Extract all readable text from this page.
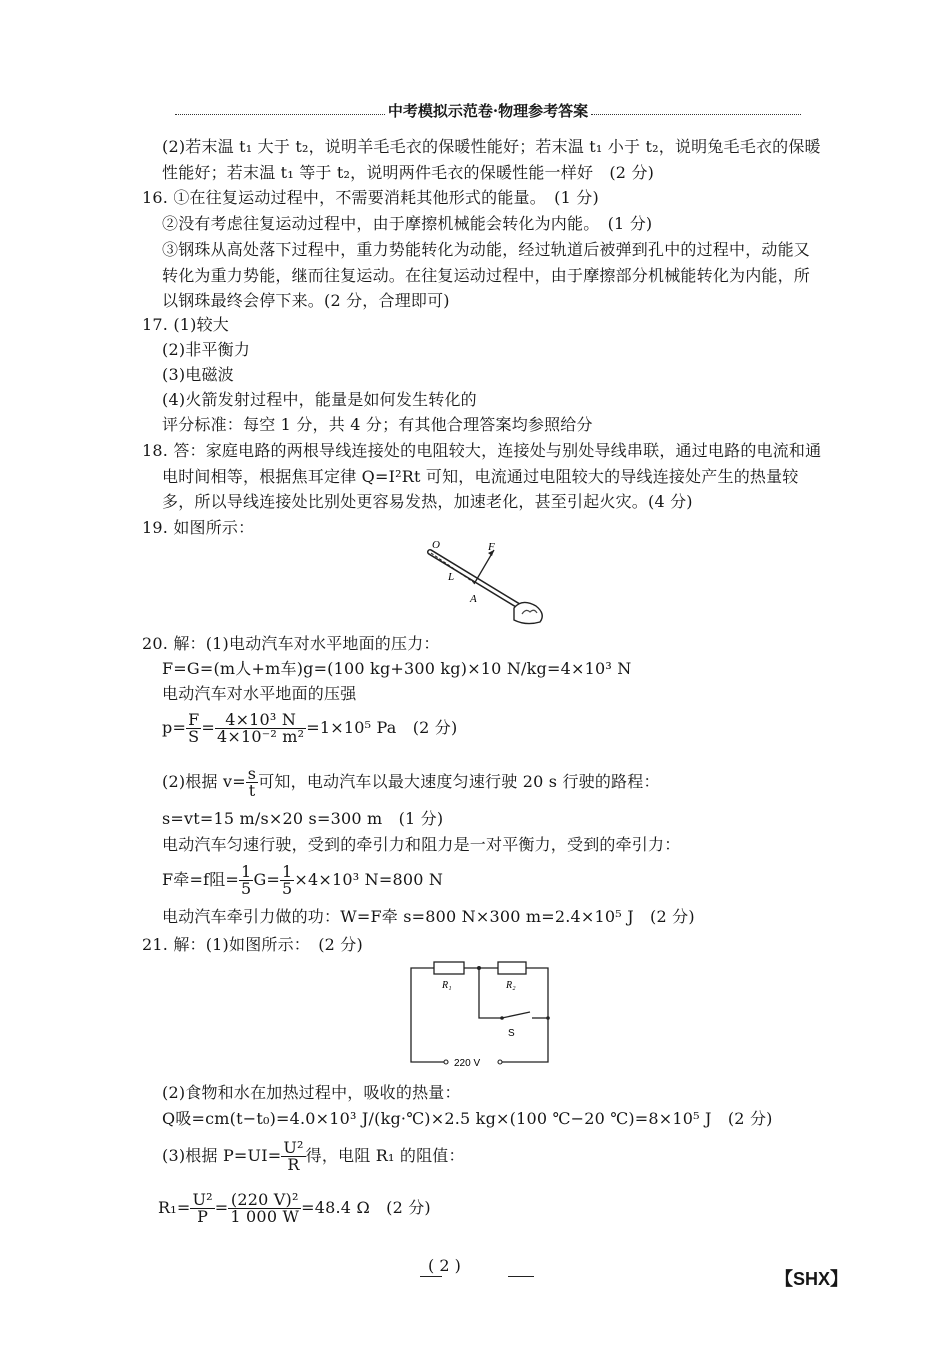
中考模拟示范卷·物理参考答案
(2)若末温 t₁ 大于 t₂，说明羊毛毛衣的保暖性能好；若末温 t₁ 小于 t₂，说明兔毛毛衣的保暖
性能好；若末温 t₁ 等于 t₂，说明两件毛衣的保暖性能一样好　(2 分)
16. ①在往复运动过程中，不需要消耗其他形式的能量。　(1 分)
②没有考虑往复运动过程中，由于摩擦机械能会转化为内能。　(1 分)
③钢珠从高处落下过程中，重力势能转化为动能，经过轨道后被弹到孔中的过程中，动能又
转化为重力势能，继而往复运动。在往复运动过程中，由于摩擦部分机械能转化为内能，所
以钢珠最终会停下来。(2 分，合理即可)
17. (1)较大
(2)非平衡力
(3)电磁波
(4)火箭发射过程中，能量是如何发生转化的
评分标准：每空 1 分，共 4 分；有其他合理答案均参照给分
18. 答：家庭电路的两根导线连接处的电阻较大，连接处与别处导线串联，通过电路的电流和通
电时间相等，根据焦耳定律 Q=I²Rt 可知，电流通过电阻较大的导线连接处产生的热量较
多，所以导线连接处比别处更容易发热，加速老化，甚至引起火灾。(4 分)
19. 如图所示：
O	F
L
A
20. 解：(1)电动汽车对水平地面的压力：
F=G=(m人+m车)g=(100 kg+300 kg)×10 N/kg=4×10³ N
电动汽车对水平地面的压强
$p= \frac{F}{S} = \frac{\text{4×10³ N}}{\text{4×10⁻² m²}} =1\times 10^5$ Pa　(2 分)
(2)根据 $v= \frac{s}{t}$ 可知，电动汽车以最大速度匀速行驶 20 s 行驶的路程：
s=vt=15 m/s×20 s=300 m　(1 分)
电动汽车匀速行驶，受到的牵引力和阻力是一对平衡力，受到的牵引力：
F牵=f阻= $\frac{1}{5} G= \frac{1}{5} \times 4\times 10^3$ N=800 N
电动汽车牵引力做的功：W=F牵 s=800 N×300 m=2.4×10⁵ J　(2 分)
21. 解：(1)如图所示：　(2 分)
R₁	R₂
S
220 V
(2)食物和水在加热过程中，吸收的热量：
Q吸=cm(t−t₀)=4.0×10³ J/(kg·℃)×2.5 kg×(100 ℃−20 ℃)=8×10⁵ J　(2 分)
(3)根据 $P=UI= \frac{\text{U²}}{R}$ 得，电阻 R₁ 的阻值：
$R_1= \frac{\text{U²}}{P} = \frac{\text{(220 V)²}}{1 000 W} =48.4$ Ω　(2 分)
( 2 )
【SHX】
